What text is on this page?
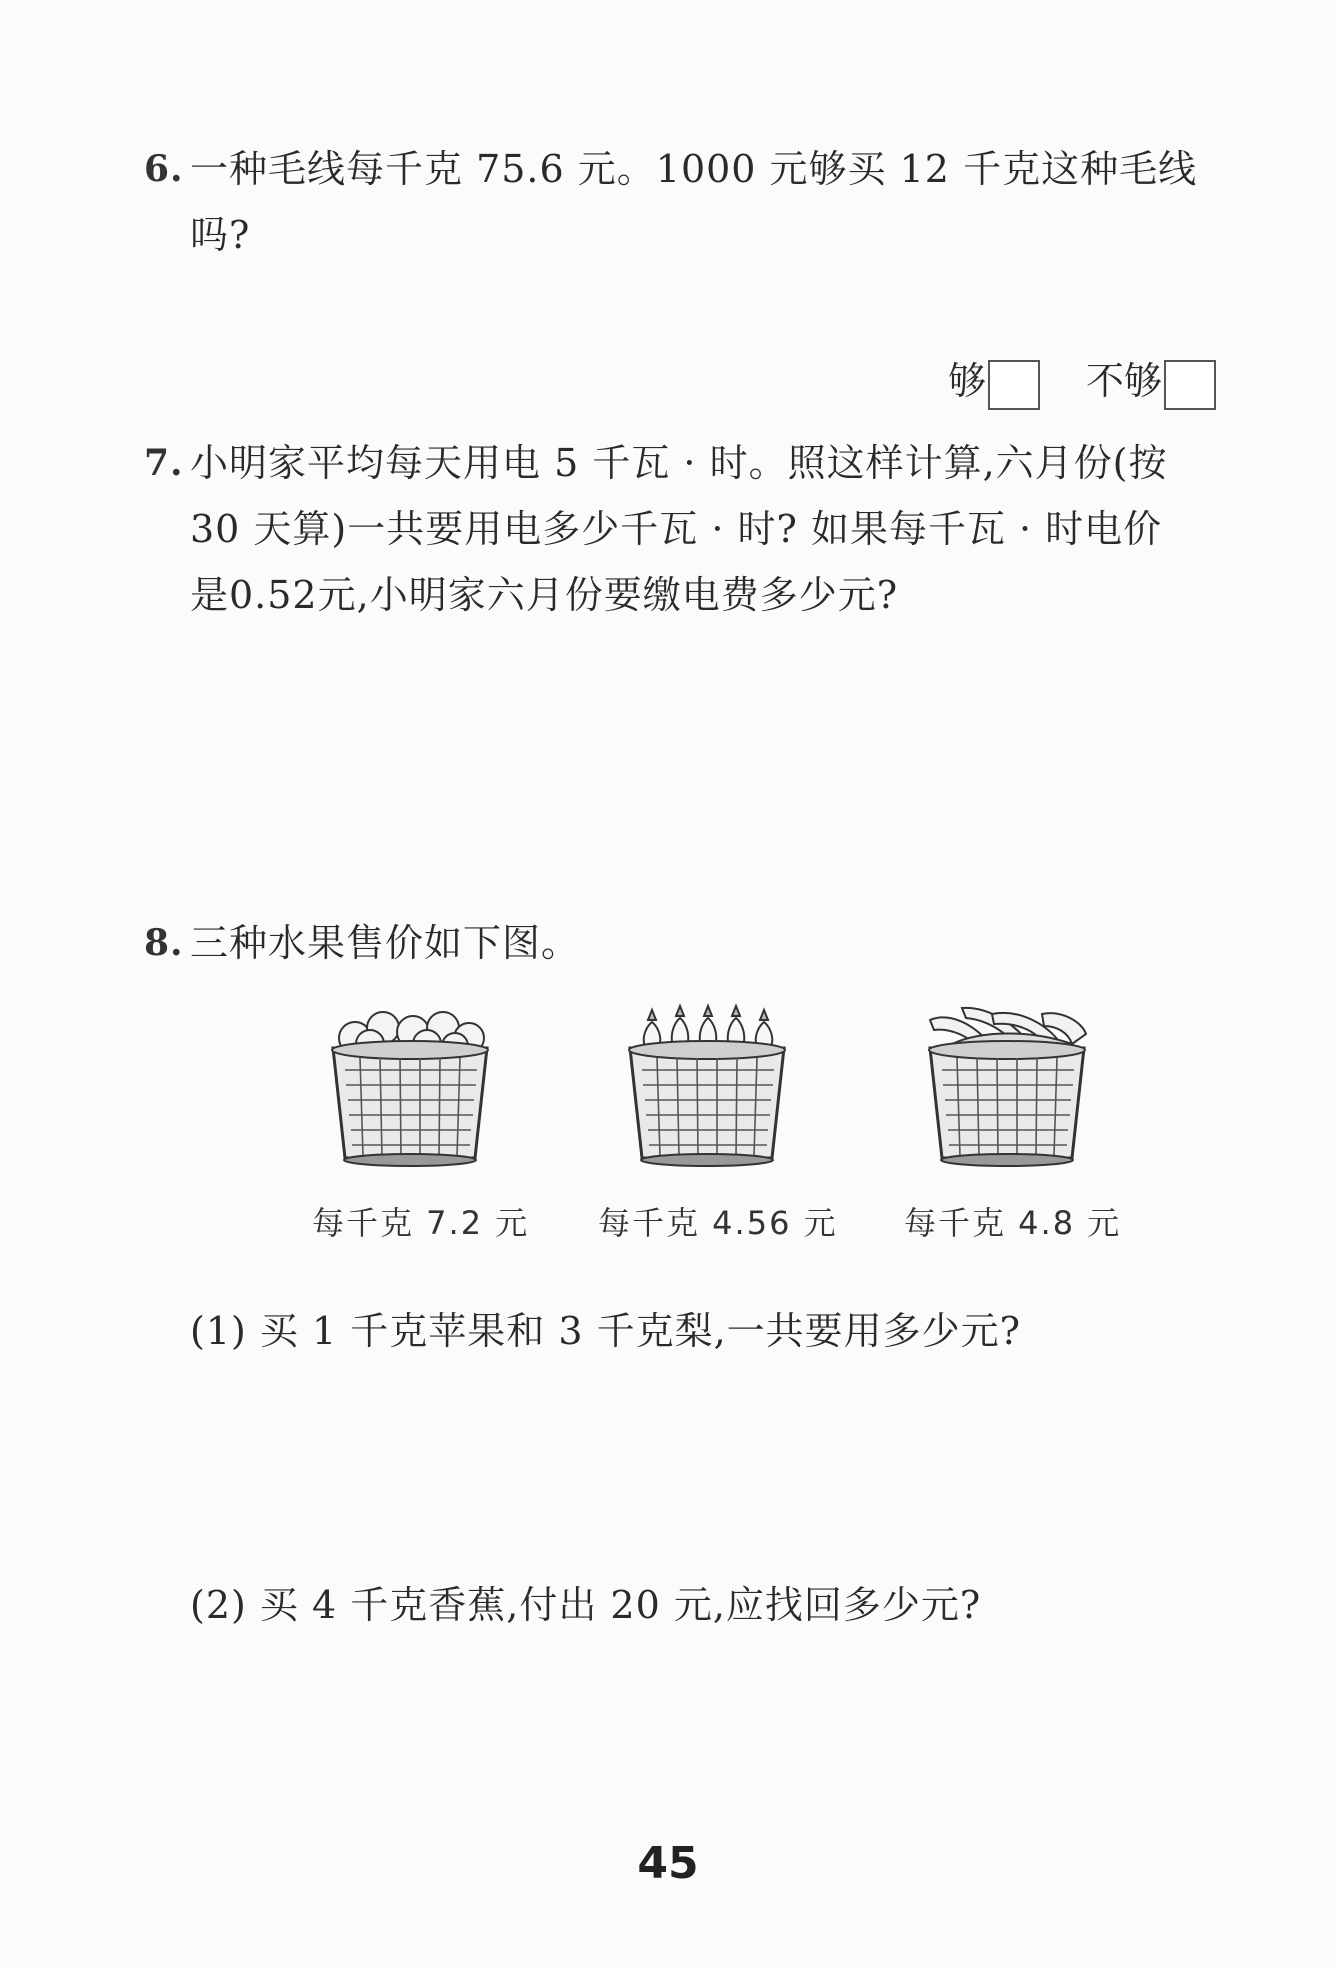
6. 一种毛线每千克 75.6 元。1000 元够买 12 千克这种毛线吗?
够	不够
7. 小明家平均每天用电 5 千瓦 · 时。照这样计算,六月份(按
30 天算)一共要用电多少千瓦 · 时? 如果每千瓦 · 时电价
是0.52元,小明家六月份要缴电费多少元?
8. 三种水果售价如下图。
每千克 7.2 元 每千克 4.56 元 每千克 4.8 元
(1) 买 1 千克苹果和 3 千克梨,一共要用多少元?
(2) 买 4 千克香蕉,付出 20 元,应找回多少元?
45
